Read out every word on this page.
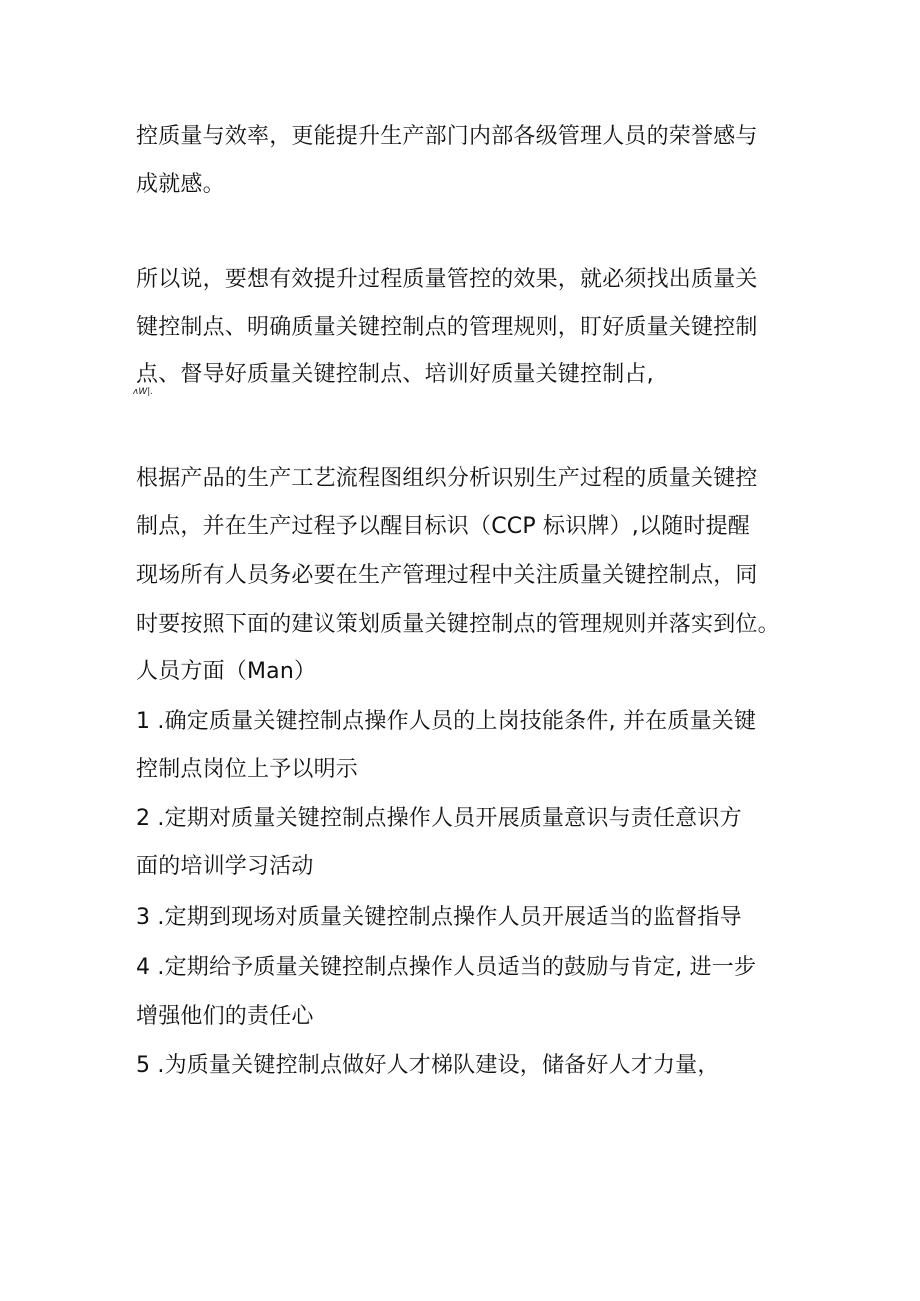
控质量与效率，更能提升生产部门内部各级管理人员的荣誉感与
成就感。
所以说，要想有效提升过程质量管控的效果，就必须找出质量关
键控制点、明确质量关键控制点的管理规则，盯好质量关键控制
点、督导好质量关键控制点、培训好质量关键控制占,
ʌW|.
根据产品的生产工艺流程图组织分析识别生产过程的质量关键控
制点，并在生产过程予以醒目标识（CCP 标识牌）,以随时提醒
现场所有人员务必要在生产管理过程中关注质量关键控制点，同
时要按照下面的建议策划质量关键控制点的管理规则并落实到位。
人员方面（Man）
1 .确定质量关键控制点操作人员的上岗技能条件, 并在质量关键
控制点岗位上予以明示
2 .定期对质量关键控制点操作人员开展质量意识与责任意识方
面的培训学习活动
3 .定期到现场对质量关键控制点操作人员开展适当的监督指导
4 .定期给予质量关键控制点操作人员适当的鼓励与肯定, 进一步
增强他们的责任心
5 .为质量关键控制点做好人才梯队建设，储备好人才力量，
